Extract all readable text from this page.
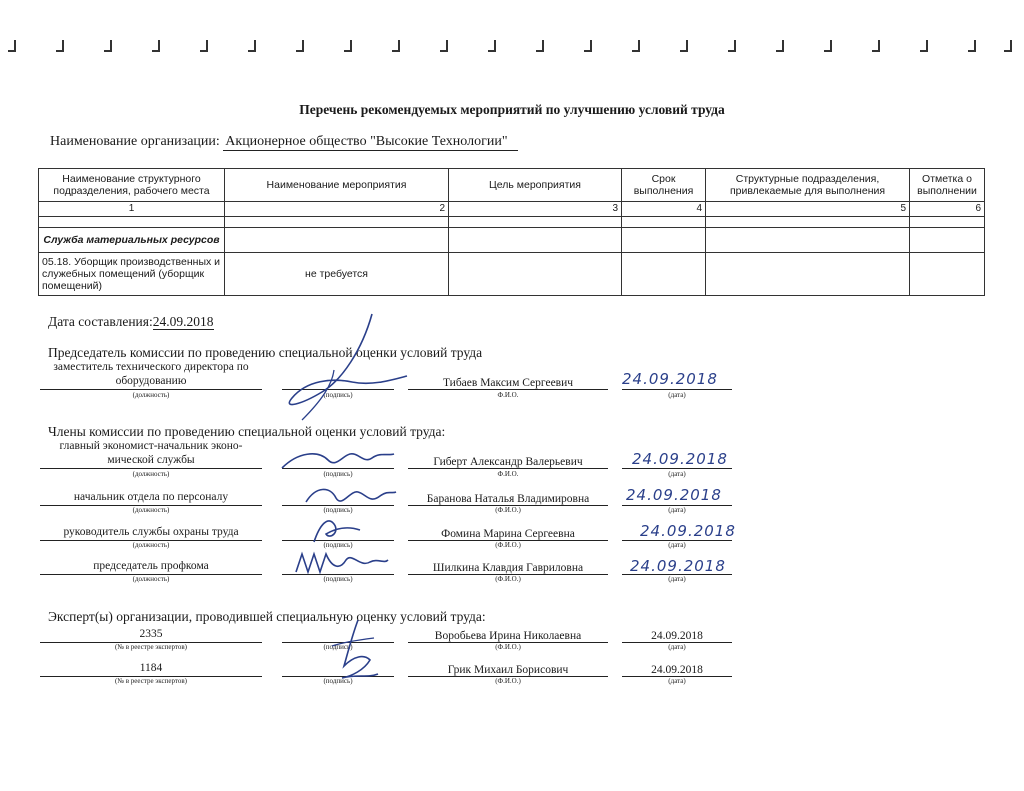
Перечень рекомендуемых мероприятий по улучшению условий труда
Наименование организации: Акционерное общество "Высокие Технологии"
Наименование структурного подразделения, рабочего места	Наименование мероприятия	Цель мероприятия	Срок выполнения	Структурные подразделения, привлекаемые для выполнения	Отметка о выполнении
1	2	3	4	5	6

Служба материальных ресурсов					
05.18. Уборщик производственных и служебных помещений (уборщик помещений)	не требуется				
Дата составления:24.09.2018
Председатель комиссии по проведению специальной оценки условий труда
заместитель технического директора по
оборудованию
(должность)	(подпись)
Тибаев Максим Сергеевич
Ф.И.О.
24.09.2018
(дата)
Члены комиссии по проведению специальной оценки условий труда:
главный экономист-начальник эконо-
мической службы
(должность)	(подпись)
Гиберт Александр Валерьевич
Ф.И.О.
24.09.2018
(дата)
начальник отдела по персоналу
(должность)	(подпись)
Баранова Наталья Владимировна
(Ф.И.О.)
24.09.2018
(дата)
руководитель службы охраны труда
(должность)	(подпись)
Фомина Марина Сергеевна
(Ф.И.О.)
24.09.2018
(дата)
председатель профкома
(должность)	(подпись)
Шилкина Клавдия Гавриловна
(Ф.И.О.)
24.09.2018
(дата)
Эксперт(ы) организации, проводившей специальную оценку условий труда:
2335
(№ в реестре экспертов)	(подпись)
Воробьева Ирина Николаевна
(Ф.И.О.)
24.09.2018
(дата)
1184
(№ в реестре экспертов)	(подпись)
Грик Михаил Борисович
(Ф.И.О.)
24.09.2018
(дата)
